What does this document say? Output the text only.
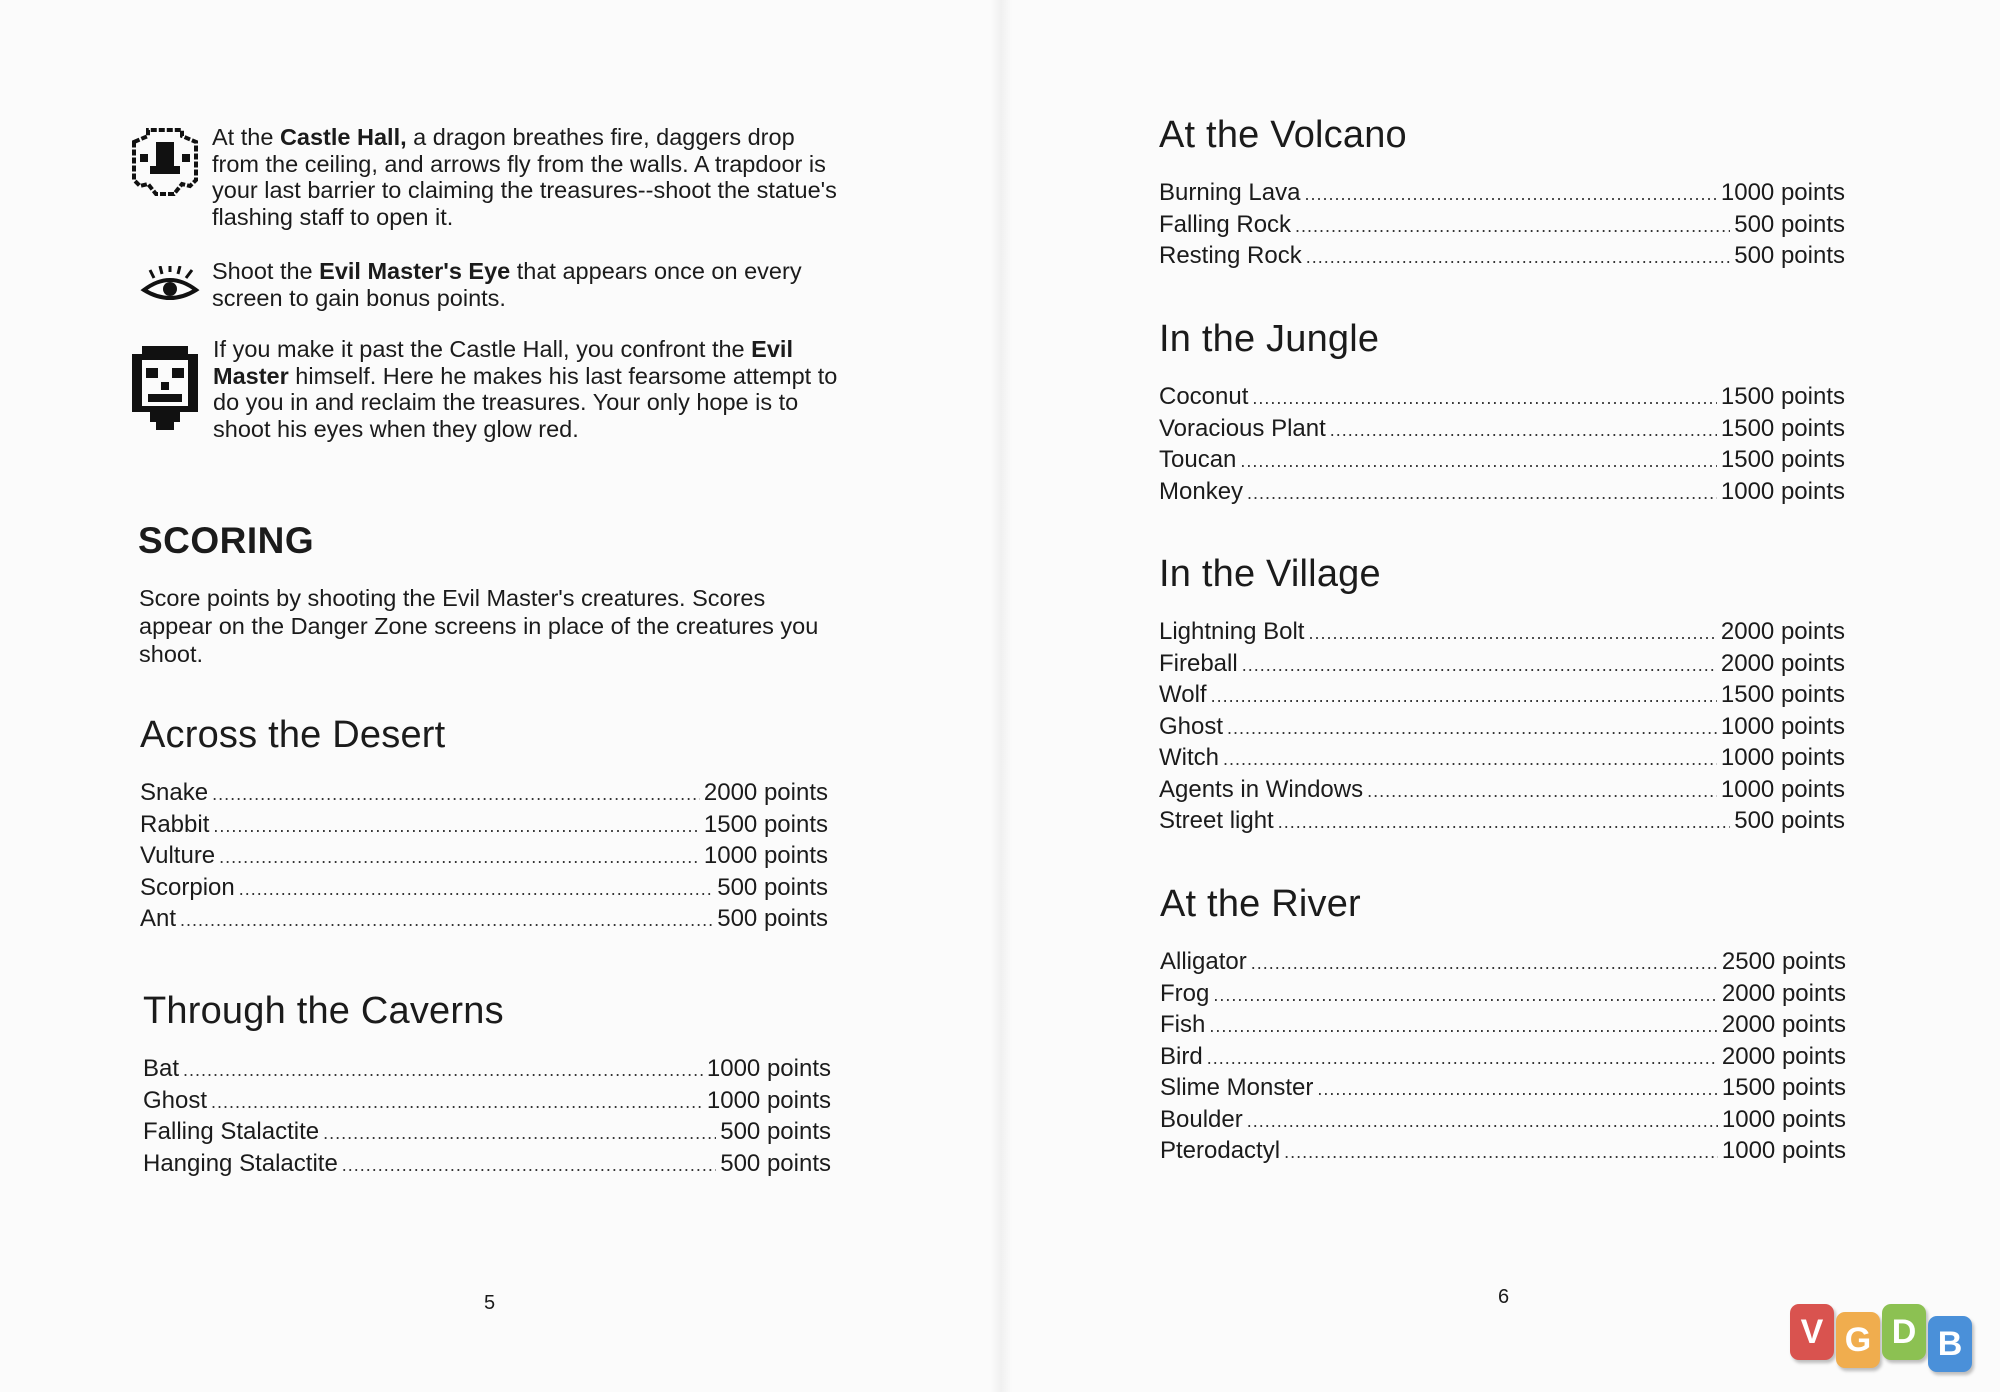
At the Castle Hall, a dragon breathes fire, daggers drop from the ceiling, and arrows fly from the walls. A trapdoor is your last barrier to claiming the treasures--shoot the statue's flashing staff to open it.

Shoot the Evil Master's Eye that appears once on every screen to gain bonus points.

If you make it past the Castle Hall, you confront the Evil Master himself. Here he makes his last fearsome attempt to do you in and reclaim the treasures. Your only hope is to shoot his eyes when they glow red.

SCORING

Score points by shooting the Evil Master's creatures. Scores appear on the Danger Zone screens in place of the creatures you shoot.

Across the Desert
Snake .....	2000 points
Rabbit .....	1500 points
Vulture .....	1000 points
Scorpion .....	500 points
Ant .....	500 points
Through the Caverns
Bat .....	1000 points
Ghost .....	1000 points
Falling Stalactite .....	500 points
Hanging Stalactite .....	500 points
5
At the Volcano
Burning Lava .....	1000 points
Falling Rock .....	500 points
Resting Rock .....	500 points
In the Jungle
Coconut .....	1500 points
Voracious Plant .....	1500 points
Toucan .....	1500 points
Monkey .....	1000 points
In the Village
Lightning Bolt .....	2000 points
Fireball .....	2000 points
Wolf .....	1500 points
Ghost .....	1000 points
Witch .....	1000 points
Agents in Windows .....	1000 points
Street light .....	500 points
At the River
Alligator .....	2500 points
Frog .....	2000 points
Fish .....	2000 points
Bird .....	2000 points
Slime Monster .....	1500 points
Boulder .....	1000 points
Pterodactyl .....	1000 points
6
V G D B
